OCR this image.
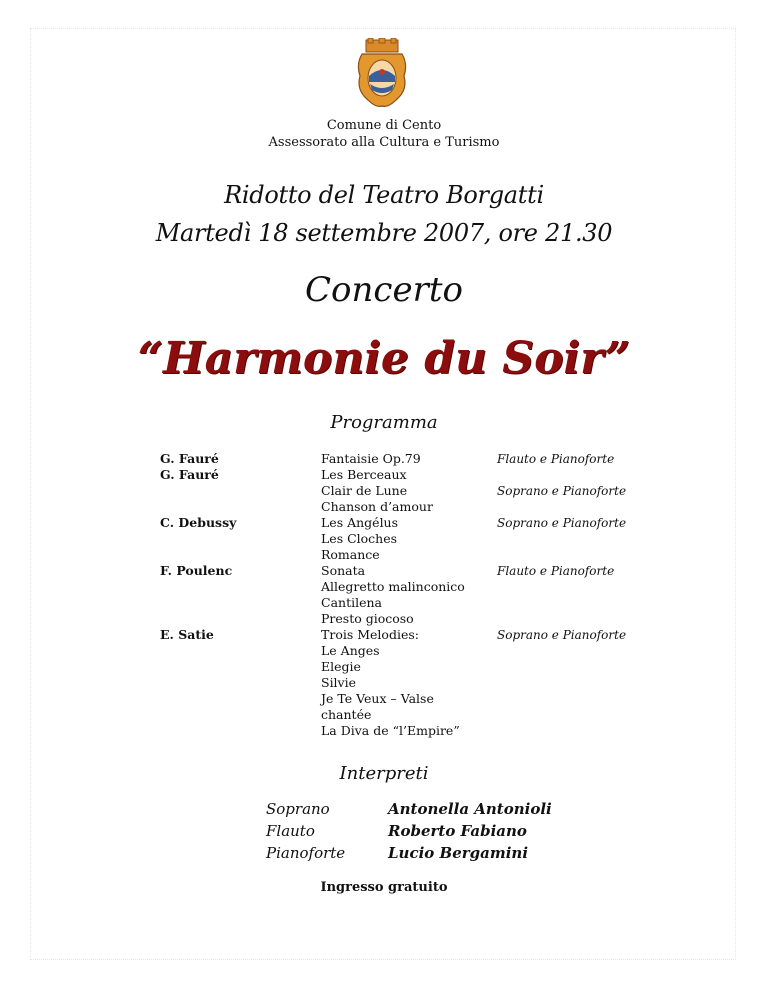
Comune di Cento
Assessorato alla Cultura e Turismo
Ridotto del Teatro Borgatti
Martedì 18 settembre 2007, ore 21.30
Concerto
“Harmonie du Soir”
Programma
G. Fauré
G. Fauré
C. Debussy
F. Poulenc
E. Satie
Fantaisie Op.79
Les Berceaux
Clair de Lune
Chanson d’amour
Les Angélus
Les Cloches
Romance
Sonata
Allegretto malinconico
Cantilena
Presto giocoso
Trois Melodies:
Le Anges
Elegie
Silvie
Je Te Veux – Valse
chantée
La Diva de “l’Empire”
Flauto e Pianoforte
Soprano e Pianoforte
Soprano e Pianoforte
Flauto e Pianoforte
Soprano e Pianoforte
Interpreti
Soprano
Flauto
Pianoforte
Antonella Antonioli
Roberto Fabiano
Lucio Bergamini
Ingresso gratuito
